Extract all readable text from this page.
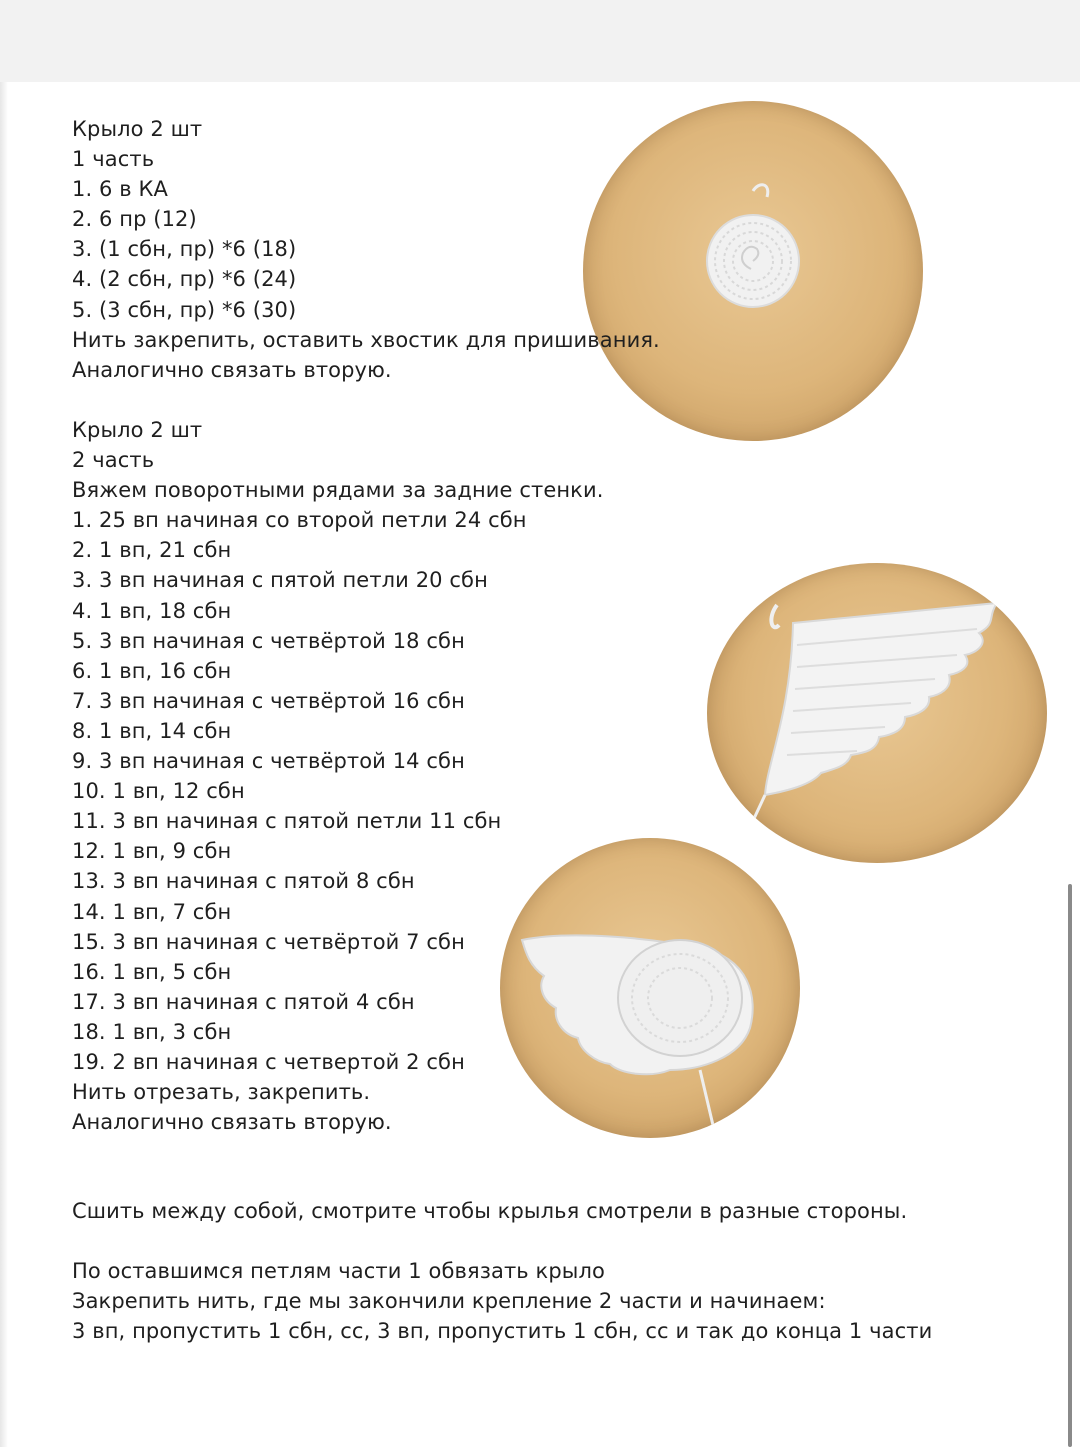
Крыло 2 шт
1 часть
1. 6 в КА
2. 6 пр (12)
3. (1 сбн, пр) *6 (18)
4. (2 сбн, пр) *6 (24)
5. (3 сбн, пр) *6 (30)
Нить закрепить, оставить хвостик для пришивания.
Аналогично связать вторую.
Крыло 2 шт
2 часть
Вяжем поворотными рядами за задние стенки.
1. 25 вп начиная со второй петли 24 сбн
2. 1 вп, 21 сбн
3. 3 вп начиная с пятой петли 20 сбн
4. 1 вп, 18 сбн
5. 3 вп начиная с четвёртой 18 сбн
6. 1 вп, 16 сбн
7. 3 вп начиная с четвёртой 16 сбн
8. 1 вп, 14 сбн
9. 3 вп начиная с четвёртой 14 сбн
10. 1 вп, 12 сбн
11. 3 вп начиная с пятой петли 11 сбн
12. 1 вп, 9 сбн
13. 3 вп начиная с пятой 8 сбн
14. 1 вп, 7 сбн
15. 3 вп начиная с четвёртой 7 сбн
16. 1 вп, 5 сбн
17. 3 вп начиная с пятой 4 сбн
18. 1 вп, 3 сбн
19. 2 вп начиная с четвертой 2 сбн
Нить отрезать, закрепить.
Аналогично связать вторую.
Сшить между собой, смотрите чтобы крылья смотрели в разные стороны.
По оставшимся петлям части 1 обвязать крыло
Закрепить нить, где мы закончили крепление 2 части и начинаем:
3 вп, пропустить 1 сбн, сс, 3 вп, пропустить 1 сбн, сс и так до конца 1 части
